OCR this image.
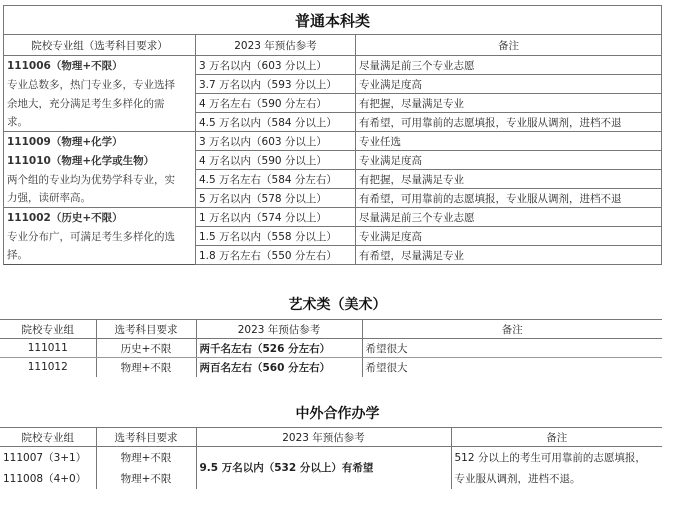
普通本科类		
院校专业组（选考科目要求）	2023 年预估参考	备注
111006（物理+不限）	3 万名以内（603 分以上）	尽量满足前三个专业志愿
专业总数多，热门专业多，专业选择	3.7 万名以内（593 分以上）	专业满足度高
余地大，充分满足考生多样化的需	4 万名左右（590 分左右）	有把握，尽量满足专业
求。	4.5 万名以内（584 分以上）	有希望，可用靠前的志愿填报，专业服从调剂，进档不退
111009（物理+化学）	3 万名以内（603 分以上）	专业任选
111010（物理+化学或生物）	4 万名以内（590 分以上）	专业满足度高
两个组的专业均为优势学科专业，实	4.5 万名左右（584 分左右）	有把握，尽量满足专业
力强，读研率高。	5 万名以内（578 分以上）	有希望，可用靠前的志愿填报，专业服从调剂，进档不退
111002（历史+不限）	1 万名以内（574 分以上）	尽量满足前三个专业志愿
专业分布广，可满足考生多样化的选	1.5 万名以内（558 分以上）	专业满足度高
择。	1.8 万名左右（550 分左右）	有希望，尽量满足专业
艺术类（美术）
院校专业组	选考科目要求	2023 年预估参考	备注
111011	历史+不限	两千名左右（526 分左右）	希望很大
111012	物理+不限	两百名左右（560 分左右）	希望很大
中外合作办学
院校专业组	选考科目要求	2023 年预估参考	备注
111007（3+1）	物理+不限	9.5 万名以内（532 分以上）有希望	512 分以上的考生可用靠前的志愿填报，
111008（4+0）	物理+不限		专业服从调剂，进档不退。
